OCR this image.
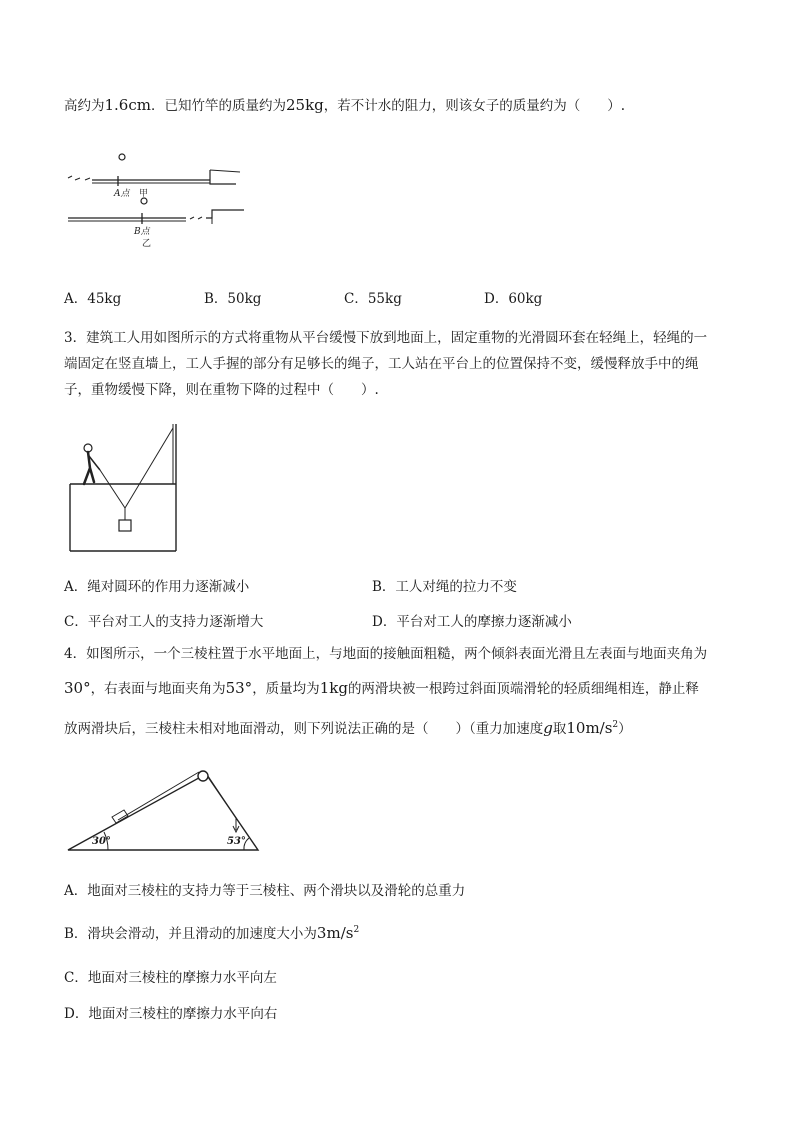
高约为1.6cm．已知竹竿的质量约为25kg，若不计水的阻力，则该女子的质量约为（　　）.
A点 甲
B点
乙
A．45kg	B．50kg	C．55kg	D．60kg
3．建筑工人用如图所示的方式将重物从平台缓慢下放到地面上，固定重物的光滑圆环套在轻绳上，轻绳的一
端固定在竖直墙上，工人手握的部分有足够长的绳子，工人站在平台上的位置保持不变，缓慢释放手中的绳
子，重物缓慢下降，则在重物下降的过程中（　　）.
A．绳对圆环的作用力逐渐减小	B．工人对绳的拉力不变
C．平台对工人的支持力逐渐增大	D．平台对工人的摩擦力逐渐减小
4．如图所示，一个三棱柱置于水平地面上，与地面的接触面粗糙，两个倾斜表面光滑且左表面与地面夹角为
30°，右表面与地面夹角为53°，质量均为1kg的两滑块被一根跨过斜面顶端滑轮的轻质细绳相连，静止释
放两滑块后，三棱柱未相对地面滑动，则下列说法正确的是（　　）（重力加速度g取$10m/s^2$）
30°	53°
A．地面对三棱柱的支持力等于三棱柱、两个滑块以及滑轮的总重力
B．滑块会滑动，并且滑动的加速度大小为$3m/s^2$
C．地面对三棱柱的摩擦力水平向左
D．地面对三棱柱的摩擦力水平向右
